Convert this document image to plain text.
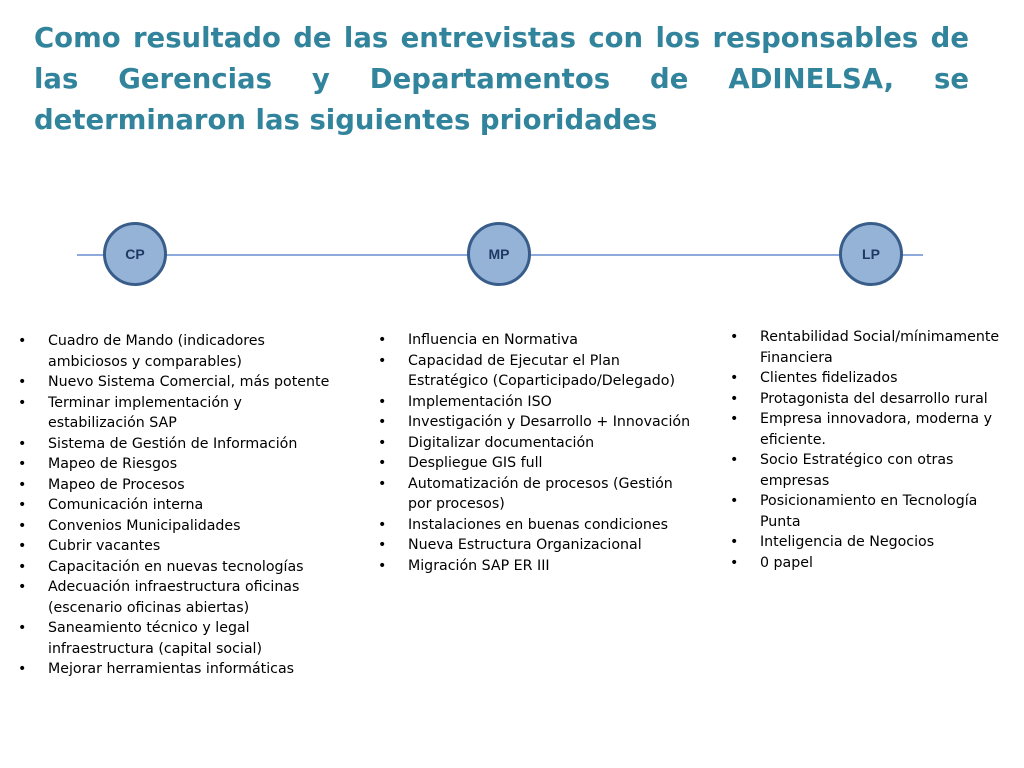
Como resultado de las entrevistas con los responsables de las Gerencias y Departamentos de ADINELSA, se determinaron las siguientes prioridades
CP	MP	LP
• Cuadro de Mando (indicadores ambiciosos y comparables)
• Nuevo Sistema Comercial, más potente
• Terminar implementación y estabilización SAP
• Sistema de Gestión de Información
• Mapeo de Riesgos
• Mapeo de Procesos
• Comunicación interna
• Convenios Municipalidades
• Cubrir vacantes
• Capacitación en nuevas tecnologías
• Adecuación infraestructura oficinas (escenario oficinas abiertas)
• Saneamiento técnico y legal infraestructura (capital social)
• Mejorar herramientas informáticas
• Influencia en Normativa
• Capacidad de Ejecutar el Plan Estratégico (Coparticipado/Delegado)
• Implementación ISO
• Investigación y Desarrollo + Innovación
• Digitalizar documentación
• Despliegue GIS full
• Automatización de procesos (Gestión por procesos)
• Instalaciones en buenas condiciones
• Nueva Estructura Organizacional
• Migración SAP ER III
• Rentabilidad Social/mínimamente Financiera
• Clientes fidelizados
• Protagonista del desarrollo rural
• Empresa innovadora, moderna y eficiente.
• Socio Estratégico con otras empresas
• Posicionamiento en Tecnología Punta
• Inteligencia de Negocios
• 0 papel
